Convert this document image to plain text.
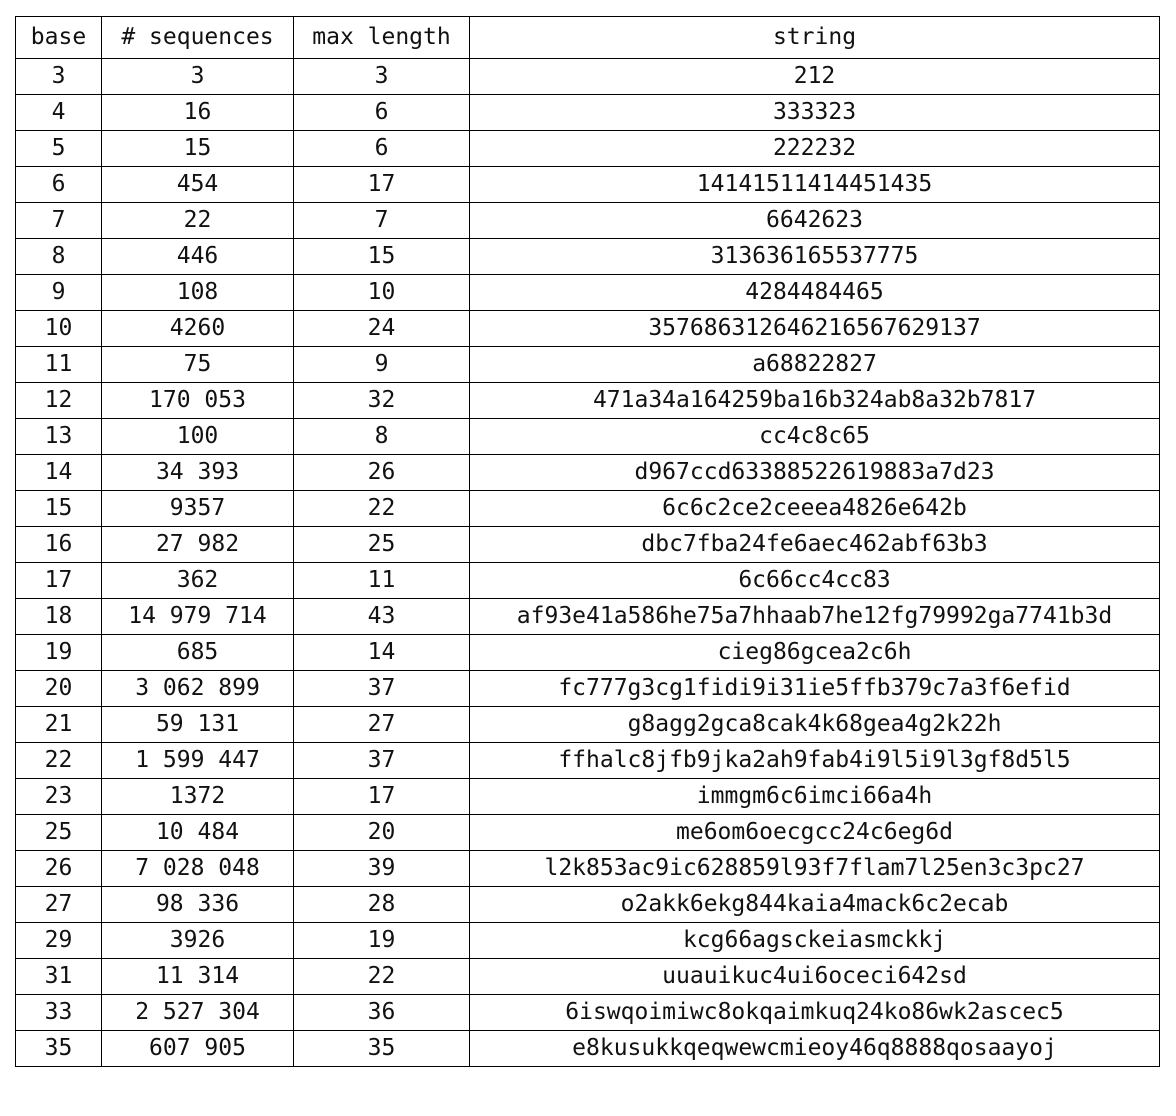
base	# sequences	max length	string
3	3	3	212
4	16	6	333323
5	15	6	222232
6	454	17	14141511414451435
7	22	7	6642623
8	446	15	313636165537775
9	108	10	4284484465
10	4260	24	357686312646216567629137
11	75	9	a68822827
12	170 053	32	471a34a164259ba16b324ab8a32b7817
13	100	8	cc4c8c65
14	34 393	26	d967ccd63388522619883a7d23
15	9357	22	6c6c2ce2ceeea4826e642b
16	27 982	25	dbc7fba24fe6aec462abf63b3
17	362	11	6c66cc4cc83
18	14 979 714	43	af93e41a586he75a7hhaab7he12fg79992ga7741b3d
19	685	14	cieg86gcea2c6h
20	3 062 899	37	fc777g3cg1fidi9i31ie5ffb379c7a3f6efid
21	59 131	27	g8agg2gca8cak4k68gea4g2k22h
22	1 599 447	37	ffhalc8jfb9jka2ah9fab4i9l5i9l3gf8d5l5
23	1372	17	immgm6c6imci66a4h
25	10 484	20	me6om6oecgcc24c6eg6d
26	7 028 048	39	l2k853ac9ic628859l93f7flam7l25en3c3pc27
27	98 336	28	o2akk6ekg844kaia4mack6c2ecab
29	3926	19	kcg66agsckeiasmckkj
31	11 314	22	uuauikuc4ui6oceci642sd
33	2 527 304	36	6iswqoimiwc8okqaimkuq24ko86wk2ascec5
35	607 905	35	e8kusukkqeqwewcmieoy46q8888qosaayoj
